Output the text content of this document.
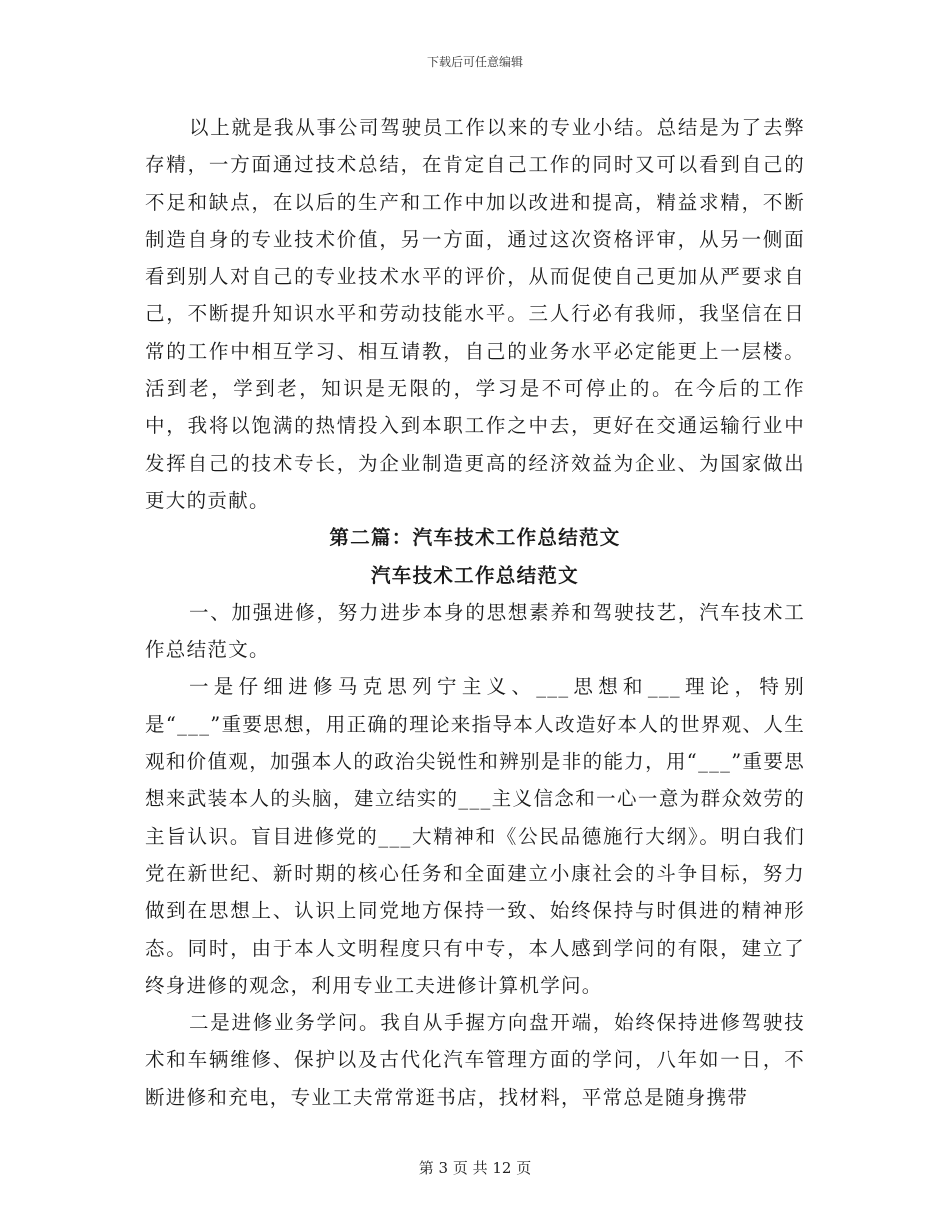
下载后可任意编辑

以上就是我从事公司驾驶员工作以来的专业小结。总结是为了去弊存精，一方面通过技术总结，在肯定自己工作的同时又可以看到自己的不足和缺点，在以后的生产和工作中加以改进和提高，精益求精，不断制造自身的专业技术价值，另一方面，通过这次资格评审，从另一侧面看到别人对自己的专业技术水平的评价，从而促使自己更加从严要求自己，不断提升知识水平和劳动技能水平。三人行必有我师，我坚信在日常的工作中相互学习、相互请教，自己的业务水平必定能更上一层楼。活到老，学到老，知识是无限的，学习是不可停止的。在今后的工作中，我将以饱满的热情投入到本职工作之中去，更好在交通运输行业中发挥自己的技术专长，为企业制造更高的经济效益为企业、为国家做出更大的贡献。

第二篇：汽车技术工作总结范文

汽车技术工作总结范文

一、加强进修，努力进步本身的思想素养和驾驶技艺，汽车技术工作总结范文。

一是仔细进修马克思列宁主义、___思想和___理论，特别是“___”重要思想，用正确的理论来指导本人改造好本人的世界观、人生观和价值观，加强本人的政治尖锐性和辨别是非的能力，用“___”重要思想来武装本人的头脑，建立结实的___主义信念和一心一意为群众效劳的主旨认识。盲目进修党的___大精神和《公民品德施行大纲》。明白我们党在新世纪、新时期的核心任务和全面建立小康社会的斗争目标，努力做到在思想上、认识上同党地方保持一致、始终保持与时俱进的精神形态。同时，由于本人文明程度只有中专，本人感到学问的有限，建立了终身进修的观念，利用专业工夫进修计算机学问。

二是进修业务学问。我自从手握方向盘开端，始终保持进修驾驶技术和车辆维修、保护以及古代化汽车管理方面的学问，八年如一日，不断进修和充电，专业工夫常常逛书店，找材料，平常总是随身携带

第 3 页 共 12 页
